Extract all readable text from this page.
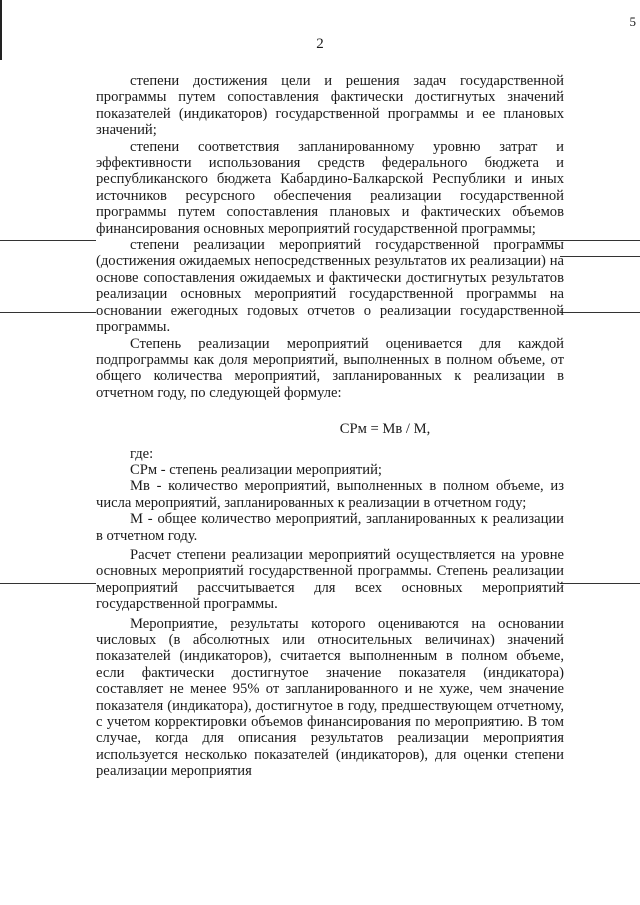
5
2

степени достижения цели и решения задач государственной программы путем сопоставления фактически достигнутых значений показателей (индикаторов) государственной программы и ее плановых значений;

степени соответствия запланированному уровню затрат и эффективности использования средств федерального бюджета и республиканского бюджета Кабардино-Балкарской Республики и иных источников ресурсного обеспечения реализации государственной программы путем сопоставления плановых и фактических объемов финансирования основных мероприятий государственной программы;

степени реализации мероприятий государственной программы (достижения ожидаемых непосредственных результатов их реализации) на основе сопоставления ожидаемых и фактически достигнутых результатов реализации основных мероприятий государственной программы на основании ежегодных годовых отчетов о реализации государственной программы.

Степень реализации мероприятий оценивается для каждой подпрограммы как доля мероприятий, выполненных в полном объеме, от общего количества мероприятий, запланированных к реализации в отчетном году, по следующей формуле:

СРм = Мв / М,

где:

СРм - степень реализации мероприятий;

Мв - количество мероприятий, выполненных в полном объеме, из числа мероприятий, запланированных к реализации в отчетном году;

М - общее количество мероприятий, запланированных к реализации в отчетном году.

Расчет степени реализации мероприятий осуществляется на уровне основных мероприятий государственной программы. Степень реализации мероприятий рассчитывается для всех основных мероприятий государственной программы.

Мероприятие, результаты которого оцениваются на основании числовых (в абсолютных или относительных величинах) значений показателей (индикаторов), считается выполненным в полном объеме, если фактически достигнутое значение показателя (индикатора) составляет не менее 95% от запланированного и не хуже, чем значение показателя (индикатора), достигнутое в году, предшествующем отчетному, с учетом корректировки объемов финансирования по мероприятию. В том случае, когда для описания результатов реализации мероприятия используется несколько показателей (индикаторов), для оценки степени реализации мероприятия
